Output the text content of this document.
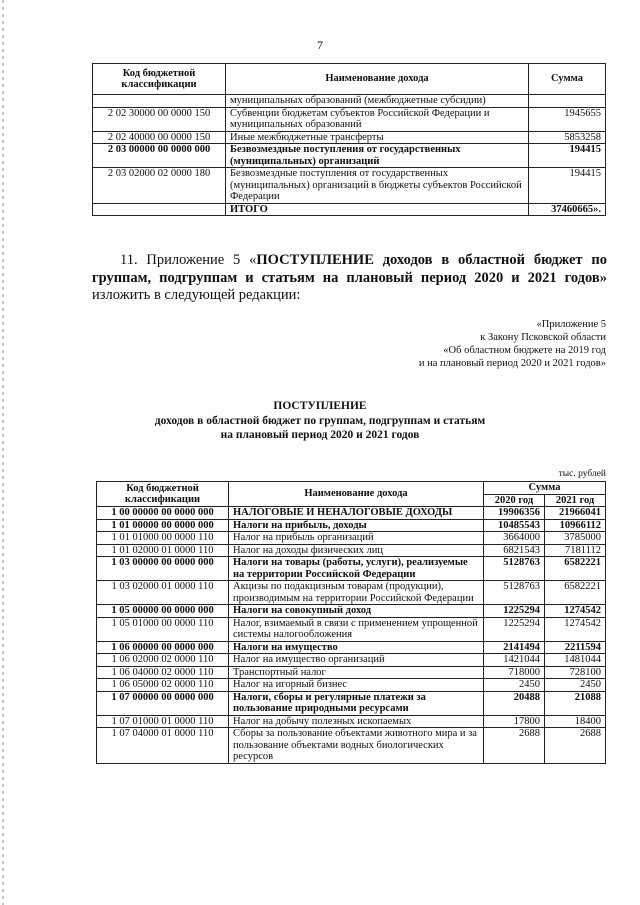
7
Код бюджетной классификации	Наименование дохода	Сумма
	муниципальных образований (межбюджетные субсидии)	
2 02 30000 00 0000 150	Субвенции бюджетам субъектов Российской Федерации и муниципальных образований	1945655
2 02 40000 00 0000 150	Иные межбюджетные трансферты	5853258
2 03 00000 00 0000 000	Безвозмездные поступления от государственных (муниципальных) организаций	194415
2 03 02000 02 0000 180	Безвозмездные поступления от государственных (муниципальных) организаций в бюджеты субъектов Российской Федерации	194415
	ИТОГО	37460665».
11. Приложение 5 «ПОСТУПЛЕНИЕ доходов в областной бюджет по группам, подгруппам и статьям на плановый период 2020 и 2021 годов» изложить в следующей редакции:
«Приложение 5
к Закону Псковской области
«Об областном бюджете на 2019 год
и на плановый период 2020 и 2021 годов»
ПОСТУПЛЕНИЕ
доходов в областной бюджет по группам, подгруппам и статьям
на плановый период 2020 и 2021 годов
тыс. рублей
Код бюджетной классификации	Наименование дохода	Сумма	
		2020 год	2021 год
1 00 00000 00 0000 000	НАЛОГОВЫЕ И НЕНАЛОГОВЫЕ ДОХОДЫ	19906356	21966041
1 01 00000 00 0000 000	Налоги на прибыль, доходы	10485543	10966112
1 01 01000 00 0000 110	Налог на прибыль организаций	3664000	3785000
1 01 02000 01 0000 110	Налог на доходы физических лиц	6821543	7181112
1 03 00000 00 0000 000	Налоги на товары (работы, услуги), реализуемые на территории Российской Федерации	5128763	6582221
1 03 02000 01 0000 110	Акцизы по подакцизным товарам (продукции), производимым на территории Российской Федерации	5128763	6582221
1 05 00000 00 0000 000	Налоги на совокупный доход	1225294	1274542
1 05 01000 00 0000 110	Налог, взимаемый в связи с применением упрощенной системы налогообложения	1225294	1274542
1 06 00000 00 0000 000	Налоги на имущество	2141494	2211594
1 06 02000 02 0000 110	Налог на имущество организаций	1421044	1481044
1 06 04000 02 0000 110	Транспортный налог	718000	728100
1 06 05000 02 0000 110	Налог на игорный бизнес	2450	2450
1 07 00000 00 0000 000	Налоги, сборы и регулярные платежи за пользование природными ресурсами	20488	21088
1 07 01000 01 0000 110	Налог на добычу полезных ископаемых	17800	18400
1 07 04000 01 0000 110	Сборы за пользование объектами животного мира и за пользование объектами водных биологических ресурсов	2688	2688
